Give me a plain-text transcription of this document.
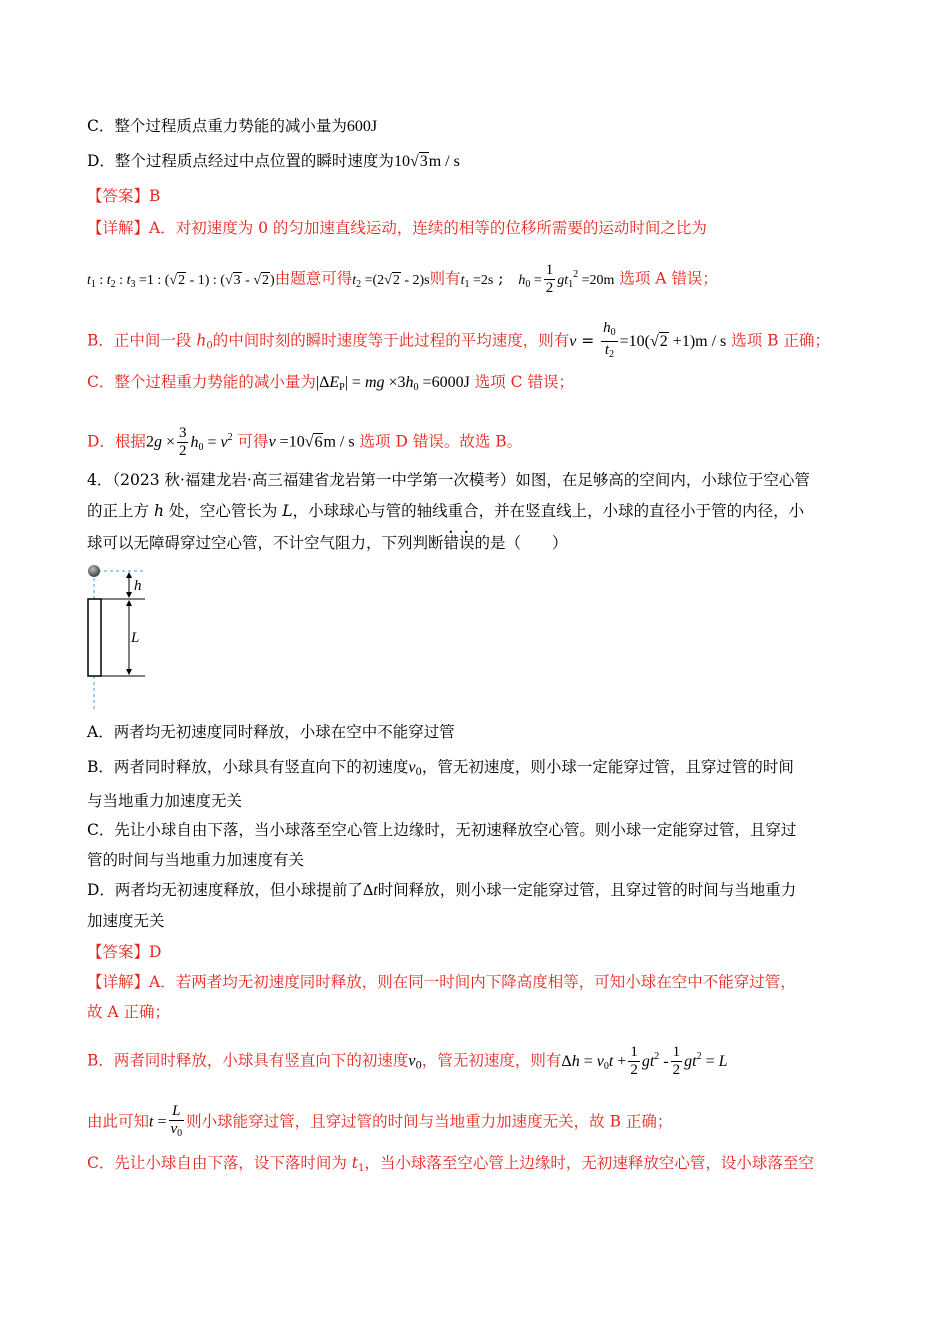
C．整个过程质点重力势能的减小量为600J
D．整个过程质点经过中点位置的瞬时速度为10√3m / s
【答案】B
【详解】A．对初速度为 0 的匀加速直线运动，连续的相等的位移所需要的运动时间之比为
$t_1$ : $t_2$ : $t_3 =1$ : (√2 - 1) : (√3 - √2)由题意可得$t_2 =(2√2 - 2)s$则有$t_1 =2s$ ;   $h_0 = \frac{1}{2} gt_1^2 =20m$ 选项 A 错误；
B．正中间一段 $h_0$的中间时刻的瞬时速度等于此过程的平均速度，则有$v = \frac{h_0}{t_2} =10(√2 +1)m / s$ 选项 B 正确；
C．整个过程重力势能的减小量为$|\Delta E_P|$ = mg $\times 3h_0 =6000J$ 选项 C 错误；
D．根据$2g \times \frac{3}{2} h_0 = v^2$ 可得v =10√6m / s 选项 D 错误。故选 B。
4．（2023 秋·福建龙岩·高三福建省龙岩第一中学第一次模考）如图，在足够高的空间内，小球位于空心管
的正上方 h 处，空心管长为 L，小球球心与管的轴线重合，并在竖直线上，小球的直径小于管的内径，小
球可以无障碍穿过空心管，不计空气阻力，下列判断错误的是（　　）
h
L
A．两者均无初速度同时释放，小球在空中不能穿过管
B．两者同时释放，小球具有竖直向下的初速度$v_0$，管无初速度，则小球一定能穿过管，且穿过管的时间
与当地重力加速度无关
C．先让小球自由下落，当小球落至空心管上边缘时，无初速释放空心管。则小球一定能穿过管，且穿过
管的时间与当地重力加速度有关
D．两者均无初速度释放，但小球提前了Δt时间释放，则小球一定能穿过管，且穿过管的时间与当地重力
加速度无关
【答案】D
【详解】A．若两者均无初速度同时释放，则在同一时间内下降高度相等，可知小球在空中不能穿过管，
故 A 正确；
B．两者同时释放，小球具有竖直向下的初速度$v_0$，管无初速度，则有$\Delta h = v_0t + \frac{1}{2} gt^2 - \frac{1}{2} gt^2 = L$
由此可知$t = \frac{L}{v_0}$ 则小球能穿过管，且穿过管的时间与当地重力加速度无关，故 B 正确；
C．先让小球自由下落，设下落时间为 $t_1$，当小球落至空心管上边缘时，无初速释放空心管，设小球落至空
